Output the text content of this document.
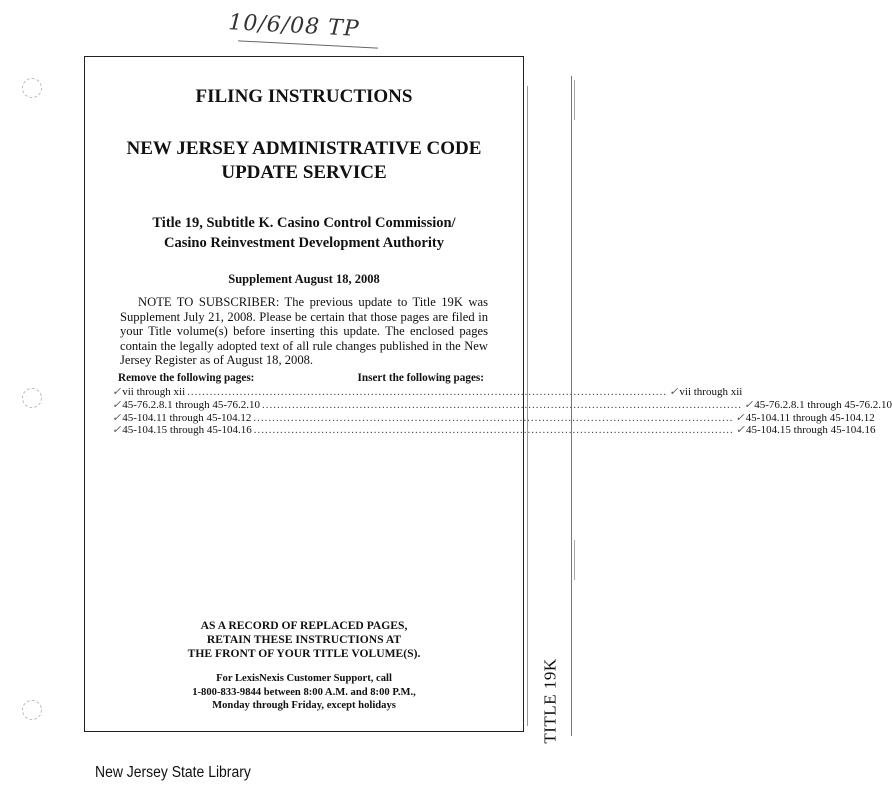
10/6/08 TP
TITLE 19K
FILING INSTRUCTIONS
NEW JERSEY ADMINISTRATIVE CODE
UPDATE SERVICE
Title 19, Subtitle K. Casino Control Commission/
Casino Reinvestment Development Authority
Supplement August 18, 2008
NOTE TO SUBSCRIBER: The previous update to Title 19K was Supplement July 21, 2008. Please be certain that those pages are filed in your Title volume(s) before inserting this update. The enclosed pages contain the legally adopted text of all rule changes published in the New Jersey Register as of August 18, 2008.
Remove the following pages:	Insert the following pages:
✓vii through xii ................................................................................................................................ ✓vii through xii
✓45-76.2.8.1 through 45-76.2.10 ................................................................................................................................ ✓45-76.2.8.1 through 45-76.2.10
✓45-104.11 through 45-104.12 ................................................................................................................................ ✓45-104.11 through 45-104.12
✓45-104.15 through 45-104.16 ................................................................................................................................ ✓45-104.15 through 45-104.16
AS A RECORD OF REPLACED PAGES,
RETAIN THESE INSTRUCTIONS AT
THE FRONT OF YOUR TITLE VOLUME(S).
For LexisNexis Customer Support, call
1-800-833-9844 between 8:00 A.M. and 8:00 P.M.,
Monday through Friday, except holidays
New Jersey State Library
